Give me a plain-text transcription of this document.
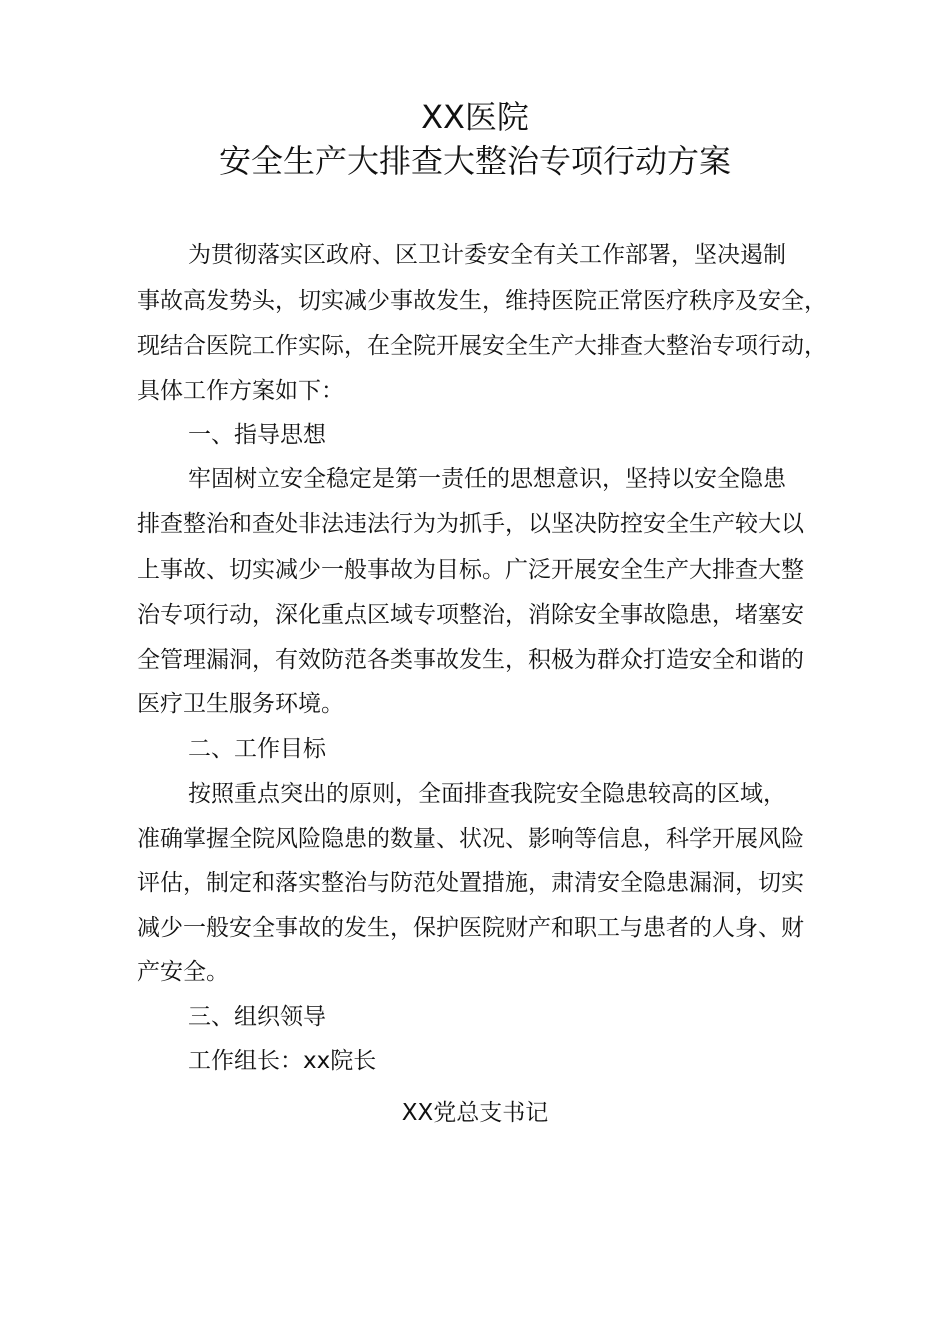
XX医院
安全生产大排查大整治专项行动方案

为贯彻落实区政府、区卫计委安全有关工作部署，坚决遏制

事故高发势头，切实减少事故发生，维持医院正常医疗秩序及安全，

现结合医院工作实际，在全院开展安全生产大排查大整治专项行动，

具体工作方案如下：

一、指导思想

牢固树立安全稳定是第一责任的思想意识，坚持以安全隐患

排查整治和查处非法违法行为为抓手，以坚决防控安全生产较大以

上事故、切实减少一般事故为目标。广泛开展安全生产大排查大整

治专项行动，深化重点区域专项整治，消除安全事故隐患，堵塞安

全管理漏洞，有效防范各类事故发生，积极为群众打造安全和谐的

医疗卫生服务环境。

二、工作目标

按照重点突出的原则，全面排查我院安全隐患较高的区域，

准确掌握全院风险隐患的数量、状况、影响等信息，科学开展风险

评估，制定和落实整治与防范处置措施，肃清安全隐患漏洞，切实

减少一般安全事故的发生，保护医院财产和职工与患者的人身、财

产安全。

三、组织领导

工作组长：xx院长

XX党总支书记
